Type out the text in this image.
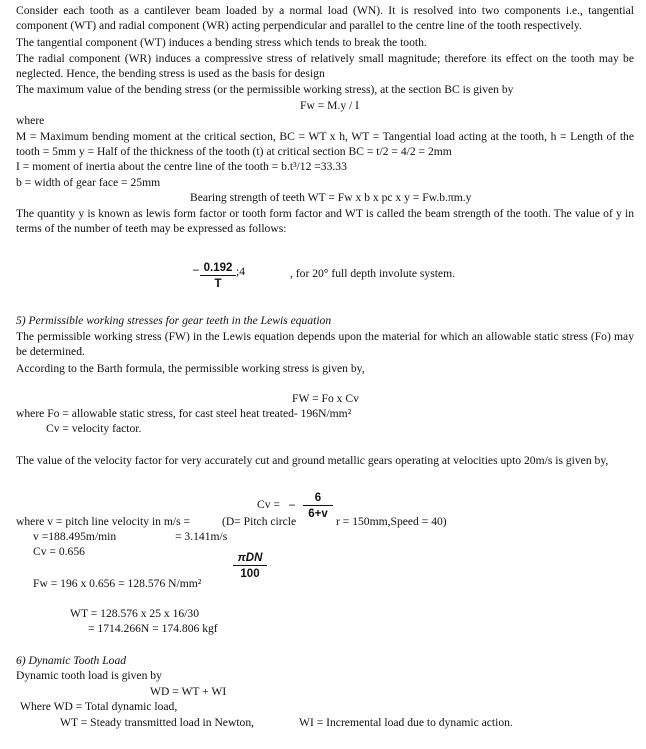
Consider each tooth as a cantilever beam loaded by a normal load (WN). It is resolved into two components i.e., tangential
component (WT) and radial component (WR) acting perpendicular and parallel to the centre line of the tooth respectively.
The tangential component (WT) induces a bending stress which tends to break the tooth.
The radial component (WR) induces a compressive stress of relatively small magnitude; therefore its effect on the tooth may be
neglected. Hence, the bending stress is used as the basis for design
The maximum value of the bending stress (or the permissible working stress), at the section BC is given by
Fw = M.y / I
where
M = Maximum bending moment at the critical section, BC = WT x h, WT = Tangential load acting at the tooth, h = Length of the
tooth = 5mm y = Half of the thickness of the tooth (t) at critical section BC = t/2 = 4/2 = 2mm
I = moment of inertia about the centre line of the tooth = b.t³/12 =33.33
b = width of gear face = 25mm
Bearing strength of teeth WT = Fw x b x pc x y = Fw.b.πm.y
The quantity y is known as lewis form factor or tooth form factor and WT is called the beam strength of the tooth. The value of y in
terms of the number of teeth may be expressed as follows:
– 0.192
T
;4	, for 20° full depth involute system.
5) Permissible working stresses for gear teeth in the Lewis equation
The permissible working stress (FW) in the Lewis equation depends upon the material for which an allowable static stress (Fo) may
be determined.
According to the Barth formula, the permissible working stress is given by,
FW = Fo x Cv
where Fo = allowable static stress, for cast steel heat treated- 196N/mm²
Cv = velocity factor.
The value of the velocity factor for very accurately cut and ground metallic gears operating at velocities upto 20m/s is given by,
Cv = –	6
6+v
where v = pitch line velocity in m/s =	(D= Pitch circle	r = 150mm,Speed = 40)
v =188.495m/min	= 3.141m/s
Cv = 0.656	πDN
100
Fw = 196 x 0.656 = 128.576 N/mm²
WT = 128.576 x 25 x 16/30
= 1714.266N = 174.806 kgf
6) Dynamic Tooth Load
Dynamic tooth load is given by
WD = WT + WI
Where WD = Total dynamic load,
WT = Steady transmitted load in Newton,	WI = Incremental load due to dynamic action.
